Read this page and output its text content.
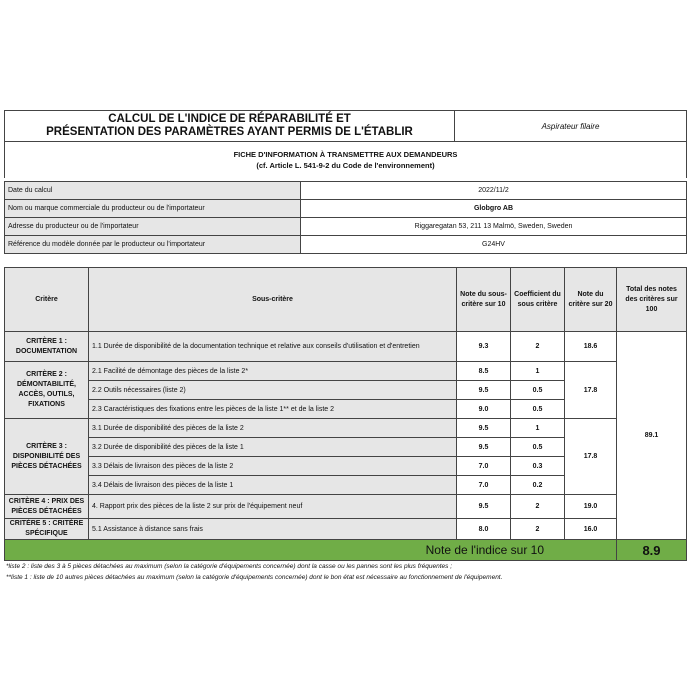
CALCUL DE L'INDICE DE RÉPARABILITÉ ET
PRÉSENTATION DES PARAMÈTRES AYANT PERMIS DE L'ÉTABLIR	Aspirateur filaire

FICHE D'INFORMATION À TRANSMETTRE AUX DEMANDEURS
(cf. Article L. 541-9-2 du Code de l'environnement)
Date du calcul	2022/11/2
Nom ou marque commerciale du producteur ou de l'importateur	Globgro AB
Adresse du producteur ou de l'importateur	Riggaregatan 53, 211 13 Malmö, Sweden, Sweden
Référence du modèle donnée par le producteur ou l'importateur	G24HV
Critère	Sous-critère	Note du sous-critère sur 10	Coefficient du sous critère	Note du critère sur 20	Total des notes des critères sur 100
CRITÈRE 1 : DOCUMENTATION	1.1 Durée de disponibilité de la documentation technique et relative aux conseils d'utilisation et d'entretien	9.3	2	18.6	89.1
CRITÈRE 2 : DÉMONTABILITÉ, ACCÈS, OUTILS, FIXATIONS	2.1 Facilité de démontage des pièces de la liste 2*	8.5	1	17.8	
	2.2 Outils nécessaires (liste 2)	9.5	0.5		
	2.3 Caractéristiques des fixations entre les pièces de la liste 1** et de la liste 2	9.0	0.5		
CRITÈRE 3 : DISPONIBILITÉ DES PIÈCES DÉTACHÉES	3.1 Durée de disponibilité des pièces de la liste 2	9.5	1	17.8	
	3.2 Durée de disponibilité des pièces de la liste 1	9.5	0.5		
	3.3 Délais de livraison des pièces de la liste 2	7.0	0.3		
	3.4 Délais de livraison des pièces de la liste 1	7.0	0.2		
CRITÈRE 4 : PRIX DES PIÈCES DÉTACHÉES	4. Rapport prix des pièces de la liste 2 sur prix de l'équipement neuf	9.5	2	19.0	
CRITÈRE 5 : CRITÈRE SPÉCIFIQUE	5.1 Assistance à distance sans frais	8.0	2	16.0	
Note de l'indice sur 10					8.9
*liste 2 : liste des 3 à 5 pièces détachées au maximum (selon la catégorie d'équipements concernée) dont la casse ou les pannes sont les plus fréquentes ;
**liste 1 : liste de 10 autres pièces détachées au maximum (selon la catégorie d'équipements concernée) dont le bon état est nécessaire au fonctionnement de l'équipement.
